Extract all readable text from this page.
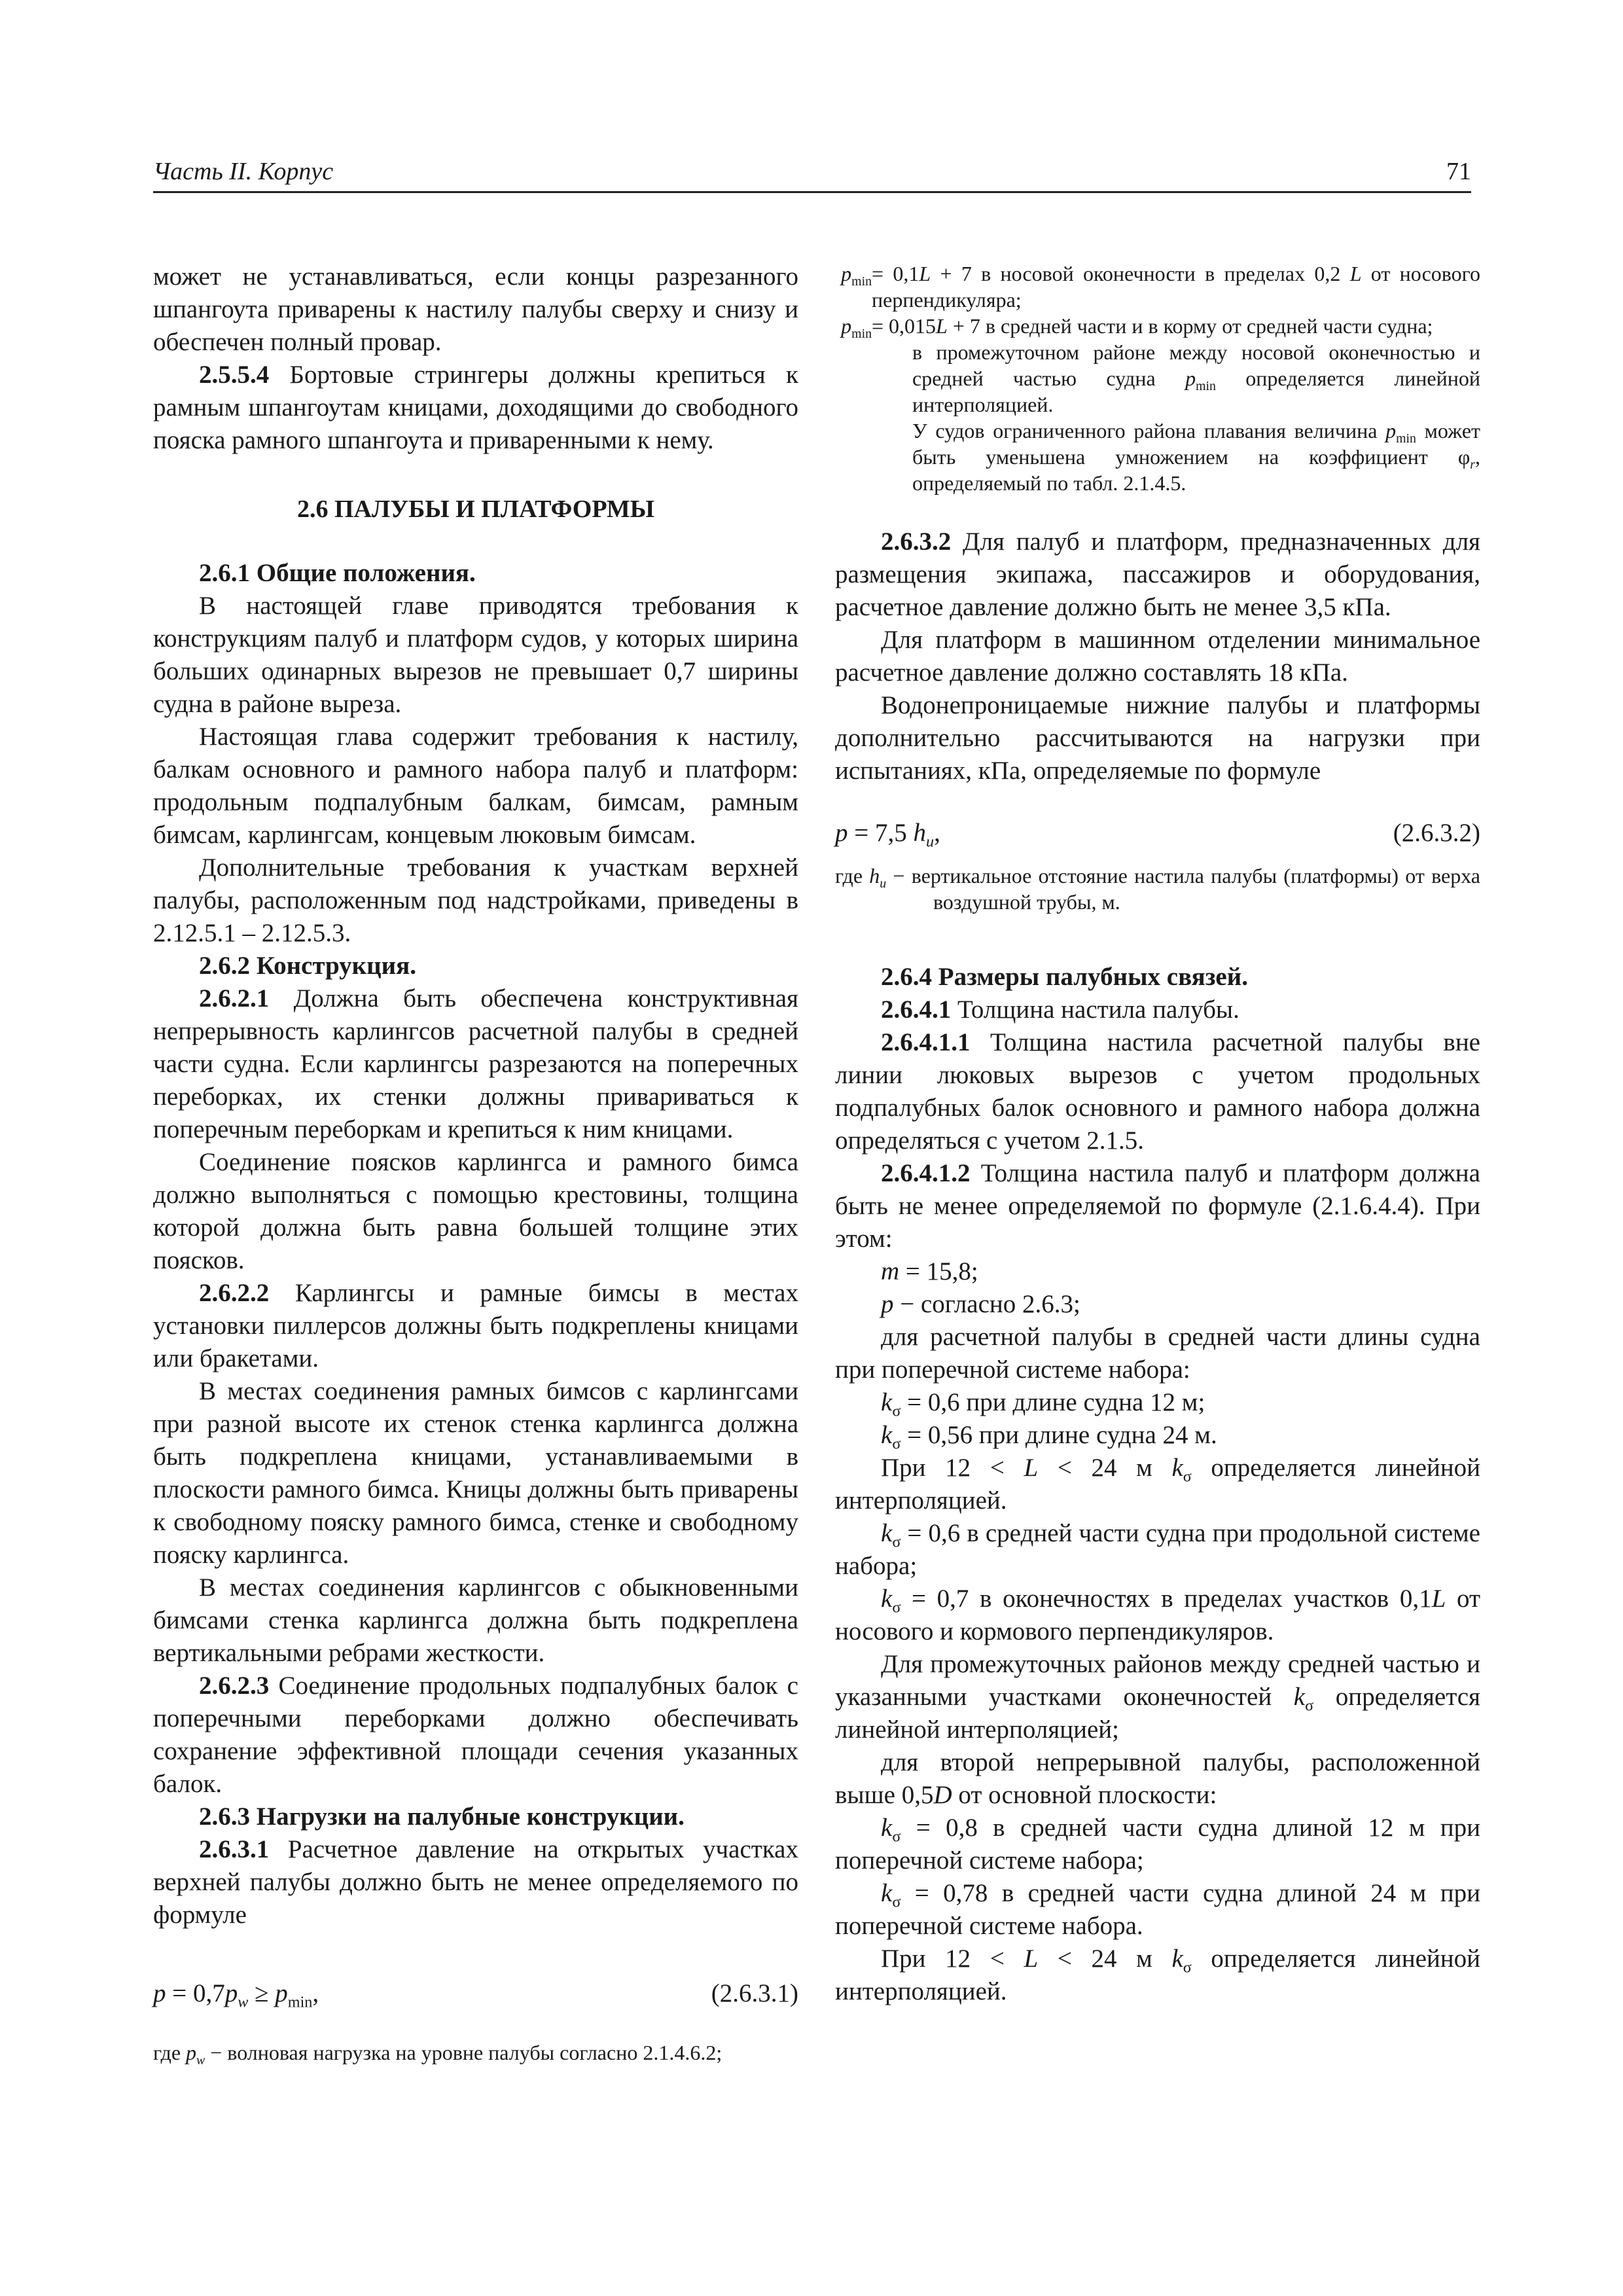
Часть II. Корпус	71

может не устанавливаться, если концы разрезанного шпангоута приварены к настилу палубы сверху и снизу и обеспечен полный провар.

2.5.5.4 Бортовые стрингеры должны крепиться к рамным шпангоутам кницами, доходящими до свободного пояска рамного шпангоута и приваренными к нему.

2.6 ПАЛУБЫ И ПЛАТФОРМЫ

2.6.1 Общие положения.

В настоящей главе приводятся требования к конструкциям палуб и платформ судов, у которых ширина больших одинарных вырезов не превышает 0,7 ширины судна в районе выреза.

Настоящая глава содержит требования к настилу, балкам основного и рамного набора палуб и платформ: продольным подпалубным балкам, бимсам, рамным бимсам, карлингсам, концевым люковым бимсам.

Дополнительные требования к участкам верхней палубы, расположенным под надстройками, приведены в 2.12.5.1 – 2.12.5.3.

2.6.2 Конструкция.

2.6.2.1 Должна быть обеспечена конструктивная непрерывность карлингсов расчетной палубы в средней части судна. Если карлингсы разрезаются на поперечных переборках, их стенки должны привариваться к поперечным переборкам и крепиться к ним кницами.

Соединение поясков карлингса и рамного бимса должно выполняться с помощью крестовины, толщина которой должна быть равна большей толщине этих поясков.

2.6.2.2 Карлингсы и рамные бимсы в местах установки пиллерсов должны быть подкреплены кницами или бракетами.

В местах соединения рамных бимсов с карлингсами при разной высоте их стенок стенка карлингса должна быть подкреплена кницами, устанавливаемыми в плоскости рамного бимса. Кницы должны быть приварены к свободному пояску рамного бимса, стенке и свободному пояску карлингса.

В местах соединения карлингсов с обыкновенными бимсами стенка карлингса должна быть подкреплена вертикальными ребрами жесткости.

2.6.2.3 Соединение продольных подпалубных балок с поперечными переборками должно обеспечивать сохранение эффективной площади сечения указанных балок.

2.6.3 Нагрузки на палубные конструкции.

2.6.3.1 Расчетное давление на открытых участках верхней палубы должно быть не менее определяемого по формуле

$p = 0,7p_w \ge p_{min}$,	(2.6.3.1)

где $p_w$ − волновая нагрузка на уровне палубы согласно 2.1.4.6.2;

$p_{min} = 0,1L + 7$ в носовой оконечности в пределах 0,2 L от носового перпендикуляра;
$p_{min} = 0,015L + 7$ в средней части и в корму от средней части судна;
в промежуточном районе между носовой оконечностью и средней частью судна $p_{min}$ определяется линейной интерполяцией.
У судов ограниченного района плавания величина $p_{min}$ может быть уменьшена умножением на коэффициент $\varphi_r$, определяемый по табл. 2.1.4.5.

2.6.3.2 Для палуб и платформ, предназначенных для размещения экипажа, пассажиров и оборудования, расчетное давление должно быть не менее 3,5 кПа.

Для платформ в машинном отделении минимальное расчетное давление должно составлять 18 кПа.

Водонепроницаемые нижние палубы и платформы дополнительно рассчитываются на нагрузки при испытаниях, кПа, определяемые по формуле

p = 7,5 $h_и$,	(2.6.3.2)

где $h_и$ − вертикальное отстояние настила палубы (платформы) от верха воздушной трубы, м.

2.6.4 Размеры палубных связей.

2.6.4.1 Толщина настила палубы.

2.6.4.1.1 Толщина настила расчетной палубы вне линии люковых вырезов с учетом продольных подпалубных балок основного и рамного набора должна определяться с учетом 2.1.5.

2.6.4.1.2 Толщина настила палуб и платформ должна быть не менее определяемой по формуле (2.1.6.4.4). При этом:

m = 15,8;

p − согласно 2.6.3;

для расчетной палубы в средней части длины судна при поперечной системе набора:

$k_\sigma = 0,6$ при длине судна 12 м;

$k_\sigma = 0,56$ при длине судна 24 м.

При 12 < L < 24 м $k_\sigma$ определяется линейной интерполяцией.

$k_\sigma = 0,6$ в средней части судна при продольной системе набора;

$k_\sigma = 0,7$ в оконечностях в пределах участков 0,1L от носового и кормового перпендикуляров.

Для промежуточных районов между средней частью и указанными участками оконечностей $k_\sigma$ определяется линейной интерполяцией;

для второй непрерывной палубы, расположенной выше 0,5D от основной плоскости:

$k_\sigma = 0,8$ в средней части судна длиной 12 м при поперечной системе набора;

$k_\sigma = 0,78$ в средней части судна длиной 24 м при поперечной системе набора.

При 12 < L < 24 м $k_\sigma$ определяется линейной интерполяцией.
